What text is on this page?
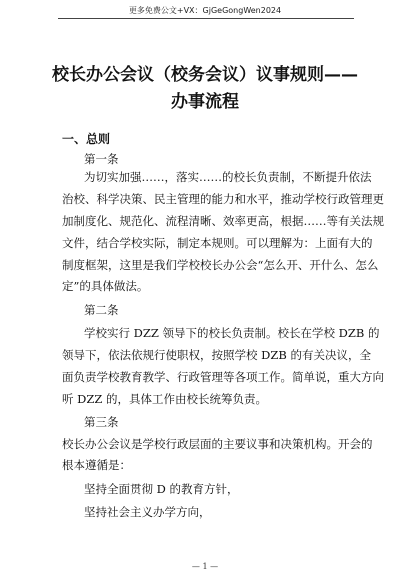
更多免费公文+VX：GjGeGongWen2024
校长办公会议（校务会议）议事规则——
办事流程
一、总则
第一条
为切实加强……，落实……的校长负责制，不断提升依法
治校、科学决策、民主管理的能力和水平，推动学校行政管理更
加制度化、规范化、流程清晰、效率更高，根据……等有关法规
文件，结合学校实际，制定本规则。可以理解为：上面有大的
制度框架，这里是我们学校校长办公会“怎么开、开什么、怎么
定”的具体做法。
第二条
学校实行 DZZ 领导下的校长负责制。校长在学校 DZB 的
领导下，依法依规行使职权，按照学校 DZB 的有关决议，全
面负责学校教育教学、行政管理等各项工作。简单说，重大方向
听 DZZ 的，具体工作由校长统筹负责。
第三条
校长办公会议是学校行政层面的主要议事和决策机构。开会的
根本遵循是：
坚持全面贯彻 D 的教育方针，
坚持社会主义办学方向，
— 1 —
